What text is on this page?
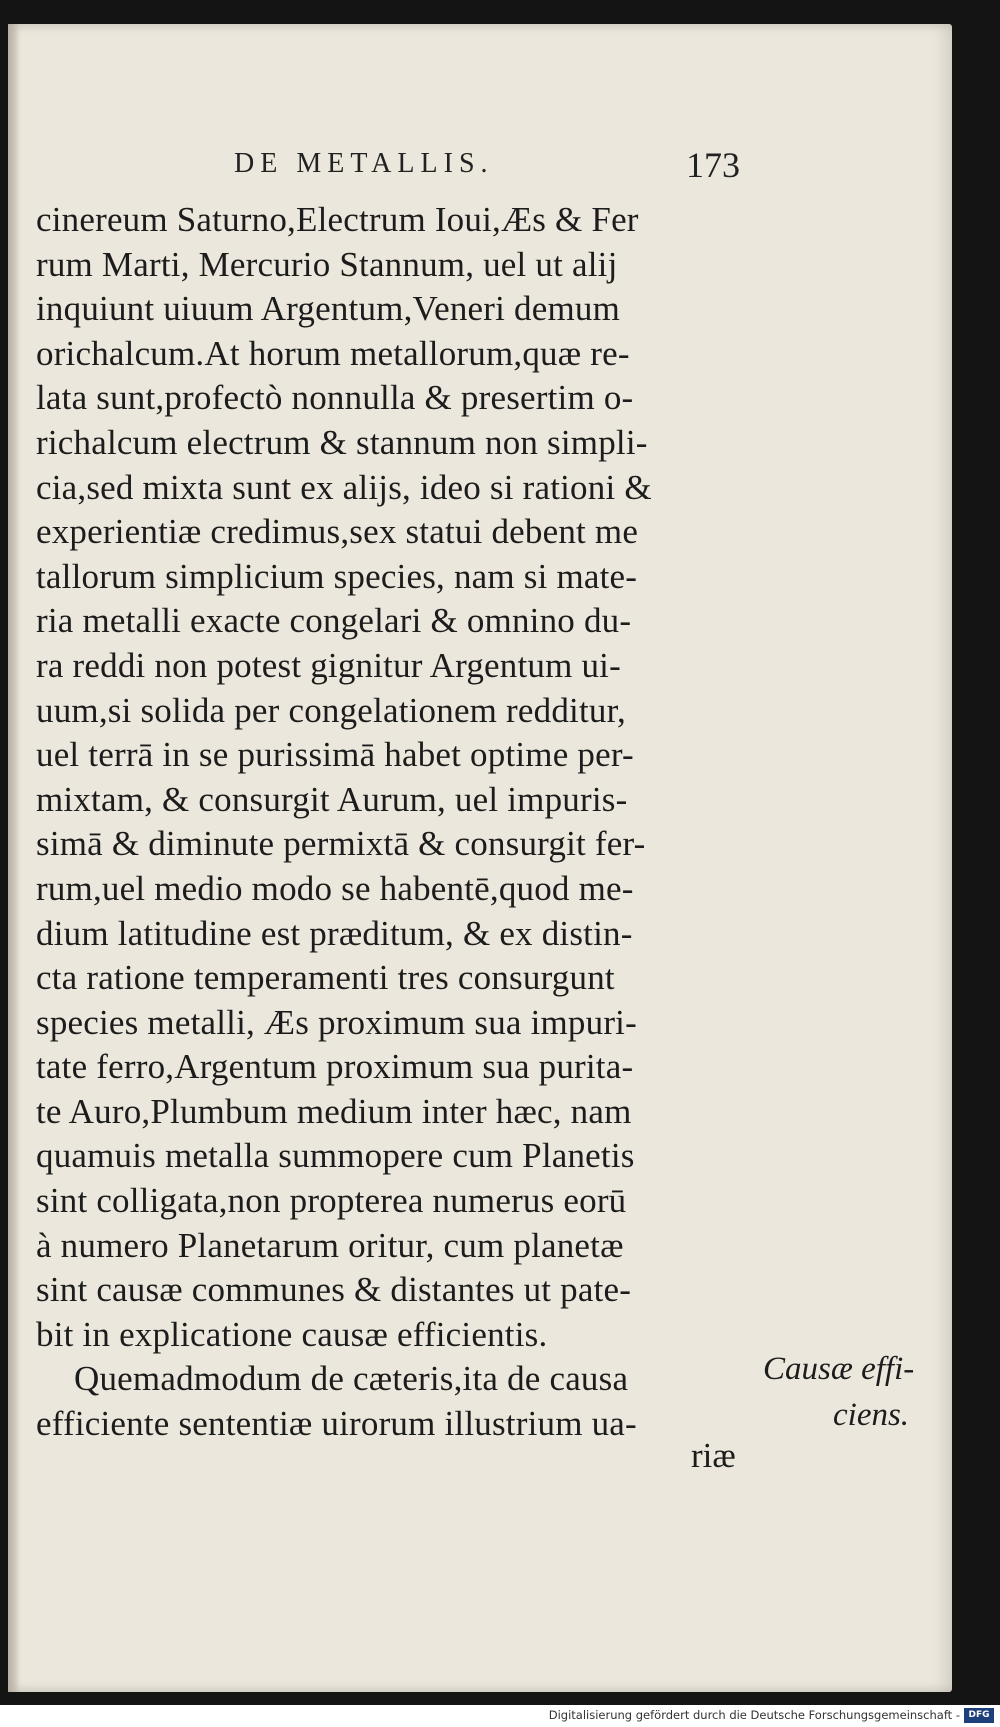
DE METALLIS.	173
cinereum Saturno,Electrum Ioui,Æs & Fer
rum Marti, Mercurio Stannum, uel ut alij
inquiunt uiuum Argentum,Veneri demum
orichalcum.At horum metallorum,quæ re-
lata sunt,profectò nonnulla & presertim o-
richalcum electrum & stannum non simpli-
cia,sed mixta sunt ex alijs, ideo si rationi &
experientiæ credimus,sex statui debent me
tallorum simplicium species, nam si mate-
ria metalli exacte congelari & omnino du-
ra reddi non potest gignitur Argentum ui-
uum,si solida per congelationem redditur,
uel terrā in se purissimā habet optime per-
mixtam, & consurgit Aurum, uel impuris-
simā & diminute permixtā & consurgit fer-
rum,uel medio modo se habentē,quod me-
dium latitudine est præditum, & ex distin-
cta ratione temperamenti tres consurgunt
species metalli, Æs proximum sua impuri-
tate ferro,Argentum proximum sua purita-
te Auro,Plumbum medium inter hæc, nam
quamuis metalla summopere cum Planetis
sint colligata,non propterea numerus eorū
à numero Planetarum oritur, cum planetæ
sint causæ communes & distantes ut pate-
bit in explicatione causæ efficientis.
Quemadmodum de cæteris,ita de causa
efficiente sententiæ uirorum illustrium ua-
riæ
Causæ effi-
ciens.
Digitalisierung gefördert durch die Deutsche Forschungsgemeinschaft - DFG
